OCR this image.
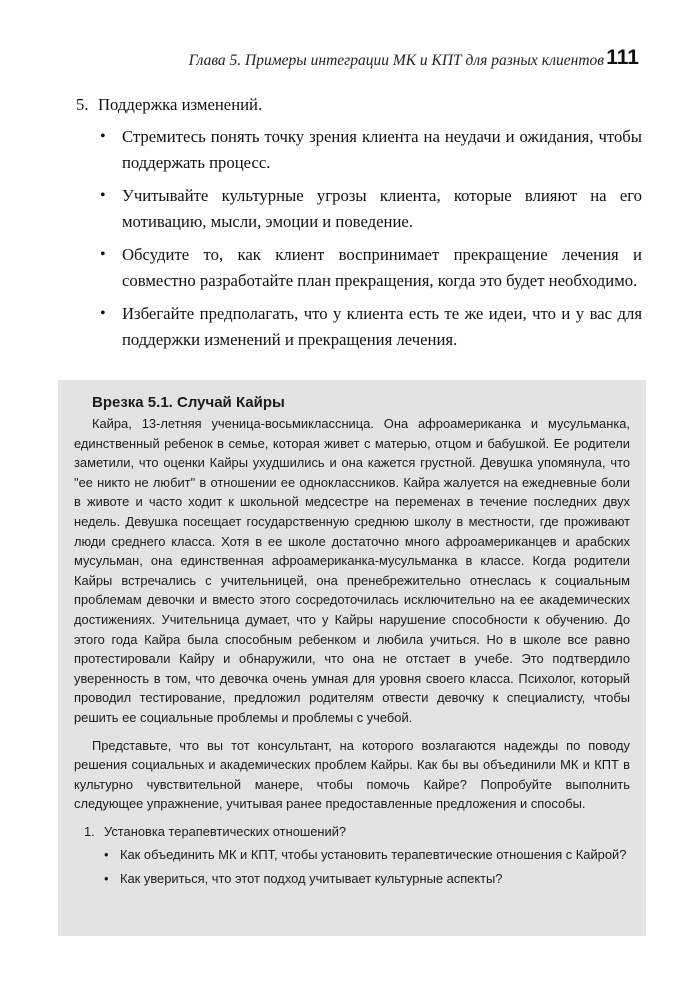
Глава 5. Примеры интеграции МК и КПТ для разных клиентов 111
5. Поддержка изменений.
• Стремитесь понять точку зрения клиента на неудачи и ожидания, чтобы поддержать процесс.
• Учитывайте культурные угрозы клиента, которые влияют на его мотивацию, мысли, эмоции и поведение.
• Обсудите то, как клиент воспринимает прекращение лечения и совместно разработайте план прекращения, когда это будет необходимо.
• Избегайте предполагать, что у клиента есть те же идеи, что и у вас для поддержки изменений и прекращения лечения.
Врезка 5.1. Случай Кайры

Кайра, 13-летняя ученица-восьмиклассница. Она афроамериканка и мусульманка, единственный ребенок в семье, которая живет с матерью, отцом и бабушкой. Ее родители заметили, что оценки Кайры ухудшились и она кажется грустной. Девушка упомянула, что "ее никто не любит" в отношении ее одноклассников. Кайра жалуется на ежедневные боли в животе и часто ходит к школьной медсестре на переменах в течение последних двух недель. Девушка посещает государственную среднюю школу в местности, где проживают люди среднего класса. Хотя в ее школе достаточно много афроамериканцев и арабских мусульман, она единственная афроамериканка-мусульманка в классе. Когда родители Кайры встречались с учительницей, она пренебрежительно отнеслась к социальным проблемам девочки и вместо этого сосредоточилась исключительно на ее академических достижениях. Учительница думает, что у Кайры нарушение способности к обучению. До этого года Кайра была способным ребенком и любила учиться. Но в школе все равно протестировали Кайру и обнаружили, что она не отстает в учебе. Это подтвердило уверенность в том, что девочка очень умная для уровня своего класса. Психолог, который проводил тестирование, предложил родителям отвести девочку к специалисту, чтобы решить ее социальные проблемы и проблемы с учебой.

Представьте, что вы тот консультант, на которого возлагаются надежды по поводу решения социальных и академических проблем Кайры. Как бы вы объединили МК и КПТ в культурно чувствительной манере, чтобы помочь Кайре? Попробуйте выполнить следующее упражнение, учитывая ранее предоставленные предложения и способы.

1. Установка терапевтических отношений?
• Как объединить МК и КПТ, чтобы установить терапевтические отношения с Кайрой?
• Как увериться, что этот подход учитывает культурные аспекты?
